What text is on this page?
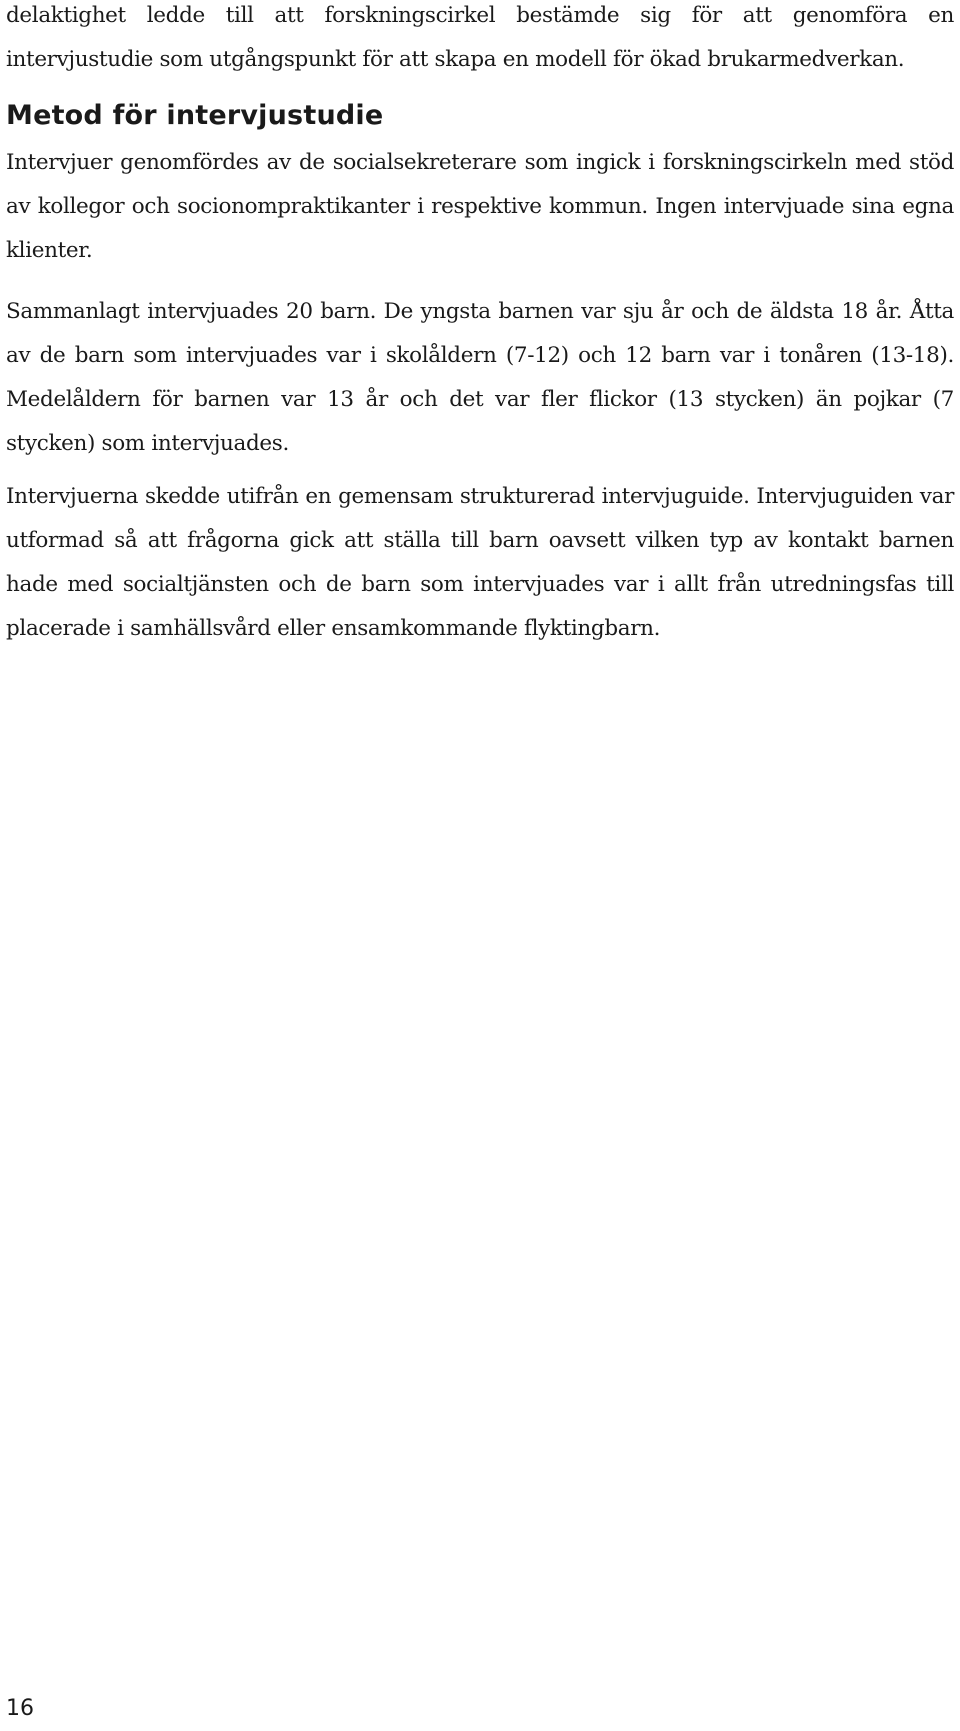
delaktighet ledde till att forskningscirkel bestämde sig för att genomföra en intervjustudie som utgångspunkt för att skapa en modell för ökad brukarmedverkan.

Metod för intervjustudie

Intervjuer genomfördes av de socialsekreterare som ingick i forskningscirkeln med stöd av kollegor och socionompraktikanter i respektive kommun. Ingen intervjuade sina egna klienter.

Sammanlagt intervjuades 20 barn. De yngsta barnen var sju år och de äldsta 18 år. Åtta av de barn som intervjuades var i skolåldern (7-12) och 12 barn var i tonåren (13-18). Medelåldern för barnen var 13 år och det var fler flickor (13 stycken) än pojkar (7 stycken) som intervjuades.

Intervjuerna skedde utifrån en gemensam strukturerad intervjuguide. Intervjuguiden var utformad så att frågorna gick att ställa till barn oavsett vilken typ av kontakt barnen hade med socialtjänsten och de barn som intervjuades var i allt från utredningsfas till placerade i samhällsvård eller ensamkommande flyktingbarn.

16
